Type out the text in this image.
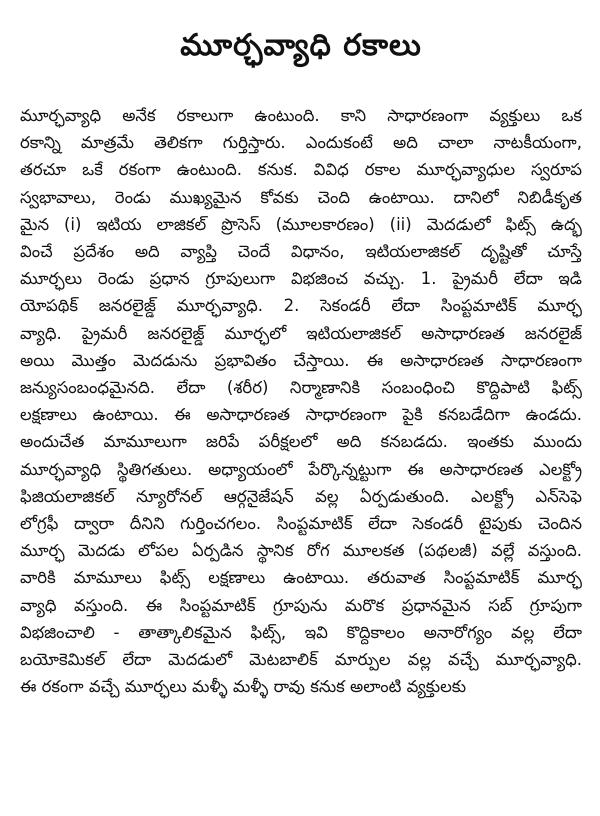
మూర్ఛవ్యాధి రకాలు
మూర్ఛవ్యాధి అనేక రకాలుగా ఉంటుంది. కాని సాధారణంగా వ్యక్తులు ఒక
రకాన్ని మాత్రమే తెలికగా గుర్తిస్తారు. ఎందుకంటే అది చాలా నాటకీయంగా,
తరచూ ఒకే రకంగా ఉంటుంది. కనుక. వివిధ రకాల మూర్ఛవ్యాధుల స్వరూప
స్వభావాలు, రెండు ముఖ్యమైన కోవకు చెంది ఉంటాయి. దానిలో నిబిడీకృత
మైన (i) ఇటియ లాజికల్ ప్రొసెస్ (మూలకారణం) (ii) మెదడులో ఫిట్స్ ఉద్భ
వించే ప్రదేశం అది వ్యాప్తి చెందే విధానం, ఇటియలాజికల్ దృష్టితో చూస్తే
మూర్ఛలు రెండు ప్రధాన గ్రూపులుగా విభజించ వచ్చు. 1. ప్రైమరీ లేదా ఇడి
యోపథిక్ జనరలైజ్డ్ మూర్ఛవ్యాధి. 2. సెకండరీ లేదా సింప్టమాటిక్ మూర్ఛ
వ్యాధి. ప్రైమరీ జనరలైజ్డ్ మూర్ఛలో ఇటియలాజికల్ అసాధారణత జనరలైజ్
అయి మొత్తం మెదడును ప్రభావితం చేస్తాయి. ఈ అసాధారణత సాధారణంగా
జన్యుసంబంధమైనది. లేదా (శరీర) నిర్మాణానికి సంబంధించి కొద్దిపాటి ఫిట్స్
లక్షణాలు ఉంటాయి. ఈ అసాధారణత సాధారణంగా పైకి కనబడేదిగా ఉండదు.
అందుచేత మామూలుగా జరిపే పరీక్షలలో అది కనబడదు. ఇంతకు ముందు
మూర్ఛవ్యాధి స్థితిగతులు. అధ్యాయంలో పేర్కొన్నట్టుగా ఈ అసాధారణత ఎలక్ట్రో
ఫిజియలాజికల్ న్యూరోనల్ ఆర్గనైజేషన్ వల్ల ఏర్పడుతుంది. ఎలక్ట్రో ఎన్‌సెఫె
లోగ్రఫీ ద్వారా దీనిని గుర్తించగలం. సింప్టమాటిక్ లేదా సెకండరీ టైపుకు చెందిన
మూర్ఛ మెదడు లోపల ఏర్పడిన స్థానిక రోగ మూలకత (పథలజీ) వల్లే వస్తుంది.
వారికి మామూలు ఫిట్స్ లక్షణాలు ఉంటాయి. తరువాత సింప్టమాటిక్ మూర్ఛ
వ్యాధి వస్తుంది. ఈ సింప్టమాటిక్ గ్రూపును మరొక ప్రధానమైన సబ్ గ్రూపుగా
విభజించాలి - తాత్కాలికమైన ఫిట్స్, ఇవి కొద్దికాలం అనారోగ్యం వల్ల లేదా
బయోకెమికల్ లేదా మెదడులో మెటబాలిక్ మార్పుల వల్ల వచ్చే మూర్ఛవ్యాధి.
ఈ రకంగా వచ్చే మూర్ఛలు మళ్ళీ మళ్ళీ రావు కనుక అలాంటి వ్యక్తులకు
